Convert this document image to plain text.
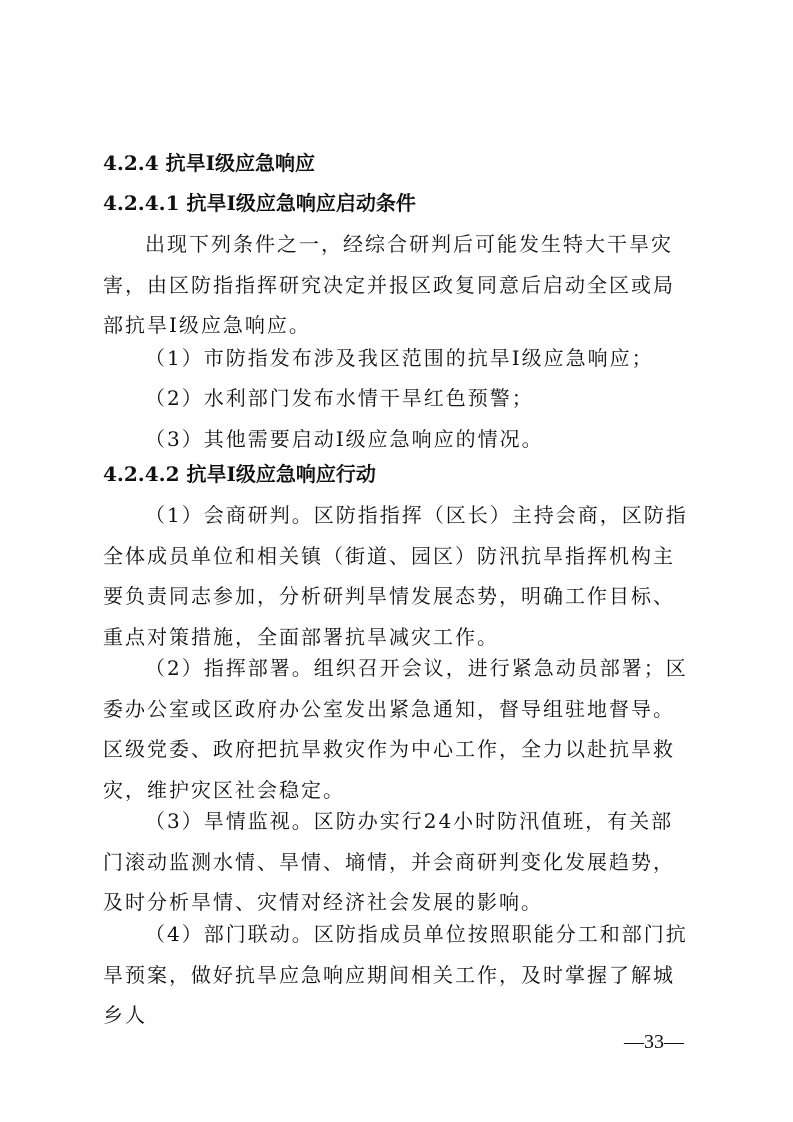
4.2.4 抗旱I级应急响应
4.2.4.1 抗旱I级应急响应启动条件

出现下列条件之一，经综合研判后可能发生特大干旱灾害，由区防指指挥研究决定并报区政复同意后启动全区或局部抗旱I级应急响应。

（1）市防指发布涉及我区范围的抗旱I级应急响应；
（2）水利部门发布水情干旱红色预警；
（3）其他需要启动I级应急响应的情况。
4.2.4.2 抗旱I级应急响应行动

（1）会商研判。区防指指挥（区长）主持会商，区防指全体成员单位和相关镇（街道、园区）防汛抗旱指挥机构主要负责同志参加，分析研判旱情发展态势，明确工作目标、重点对策措施，全面部署抗旱减灾工作。

（2）指挥部署。组织召开会议，进行紧急动员部署；区委办公室或区政府办公室发出紧急通知，督导组驻地督导。区级党委、政府把抗旱救灾作为中心工作，全力以赴抗旱救灾，维护灾区社会稳定。

（3）旱情监视。区防办实行24小时防汛值班，有关部门滚动监测水情、旱情、墒情，并会商研判变化发展趋势，及时分析旱情、灾情对经济社会发展的影响。

（4）部门联动。区防指成员单位按照职能分工和部门抗旱预案，做好抗旱应急响应期间相关工作，及时掌握了解城乡人

—33—
